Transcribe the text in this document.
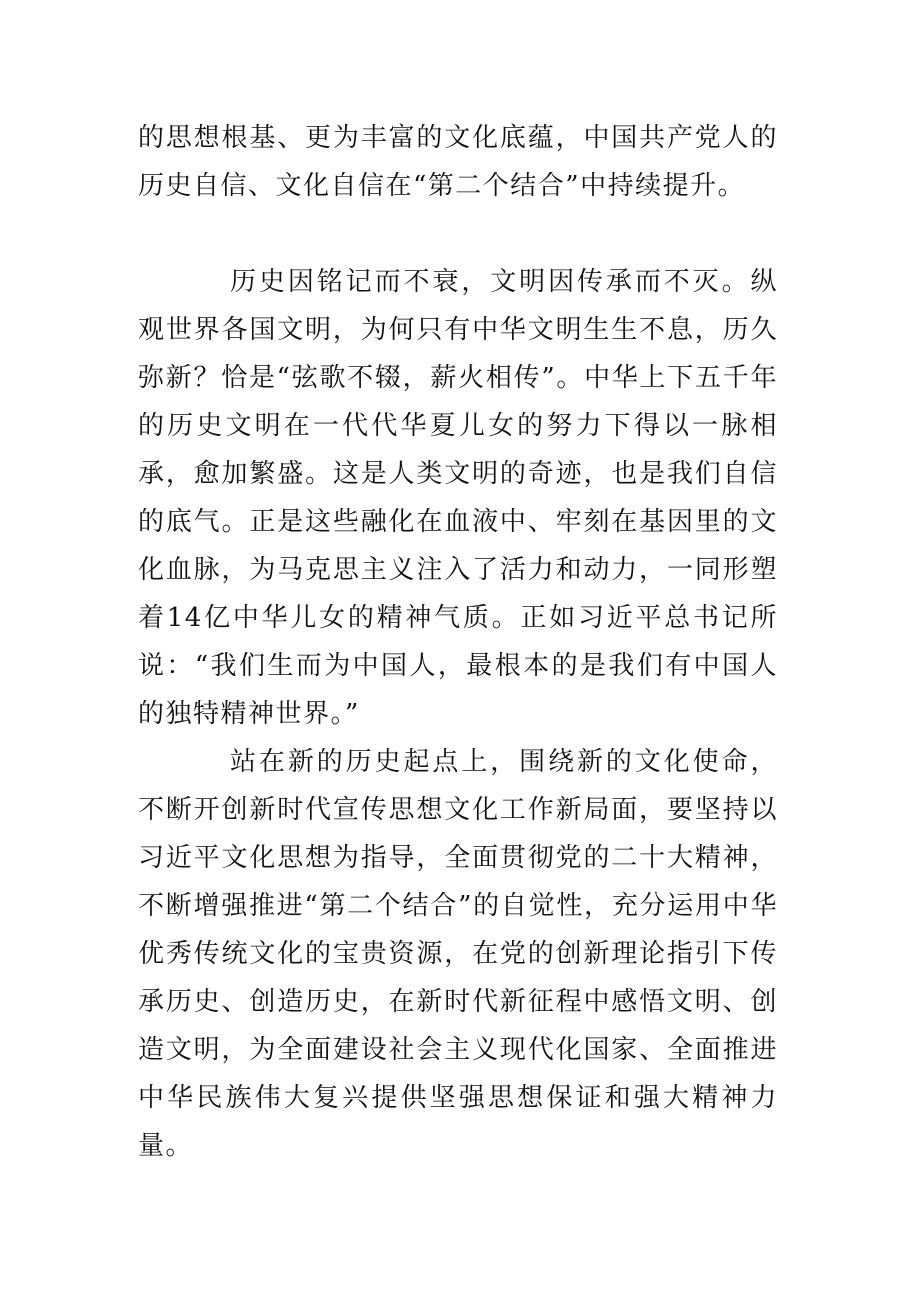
的思想根基、更为丰富的文化底蕴，中国共产党人的历史自信、文化自信在“第二个结合”中持续提升。

历史因铭记而不衰，文明因传承而不灭。纵观世界各国文明，为何只有中华文明生生不息，历久弥新？恰是“弦歌不辍，薪火相传”。中华上下五千年的历史文明在一代代华夏儿女的努力下得以一脉相承，愈加繁盛。这是人类文明的奇迹，也是我们自信的底气。正是这些融化在血液中、牢刻在基因里的文化血脉，为马克思主义注入了活力和动力，一同形塑着14亿中华儿女的精神气质。正如习近平总书记所说：“我们生而为中国人，最根本的是我们有中国人的独特精神世界。”

站在新的历史起点上，围绕新的文化使命，不断开创新时代宣传思想文化工作新局面，要坚持以习近平文化思想为指导，全面贯彻党的二十大精神，不断增强推进“第二个结合”的自觉性，充分运用中华优秀传统文化的宝贵资源，在党的创新理论指引下传承历史、创造历史，在新时代新征程中感悟文明、创造文明，为全面建设社会主义现代化国家、全面推进中华民族伟大复兴提供坚强思想保证和强大精神力量。
